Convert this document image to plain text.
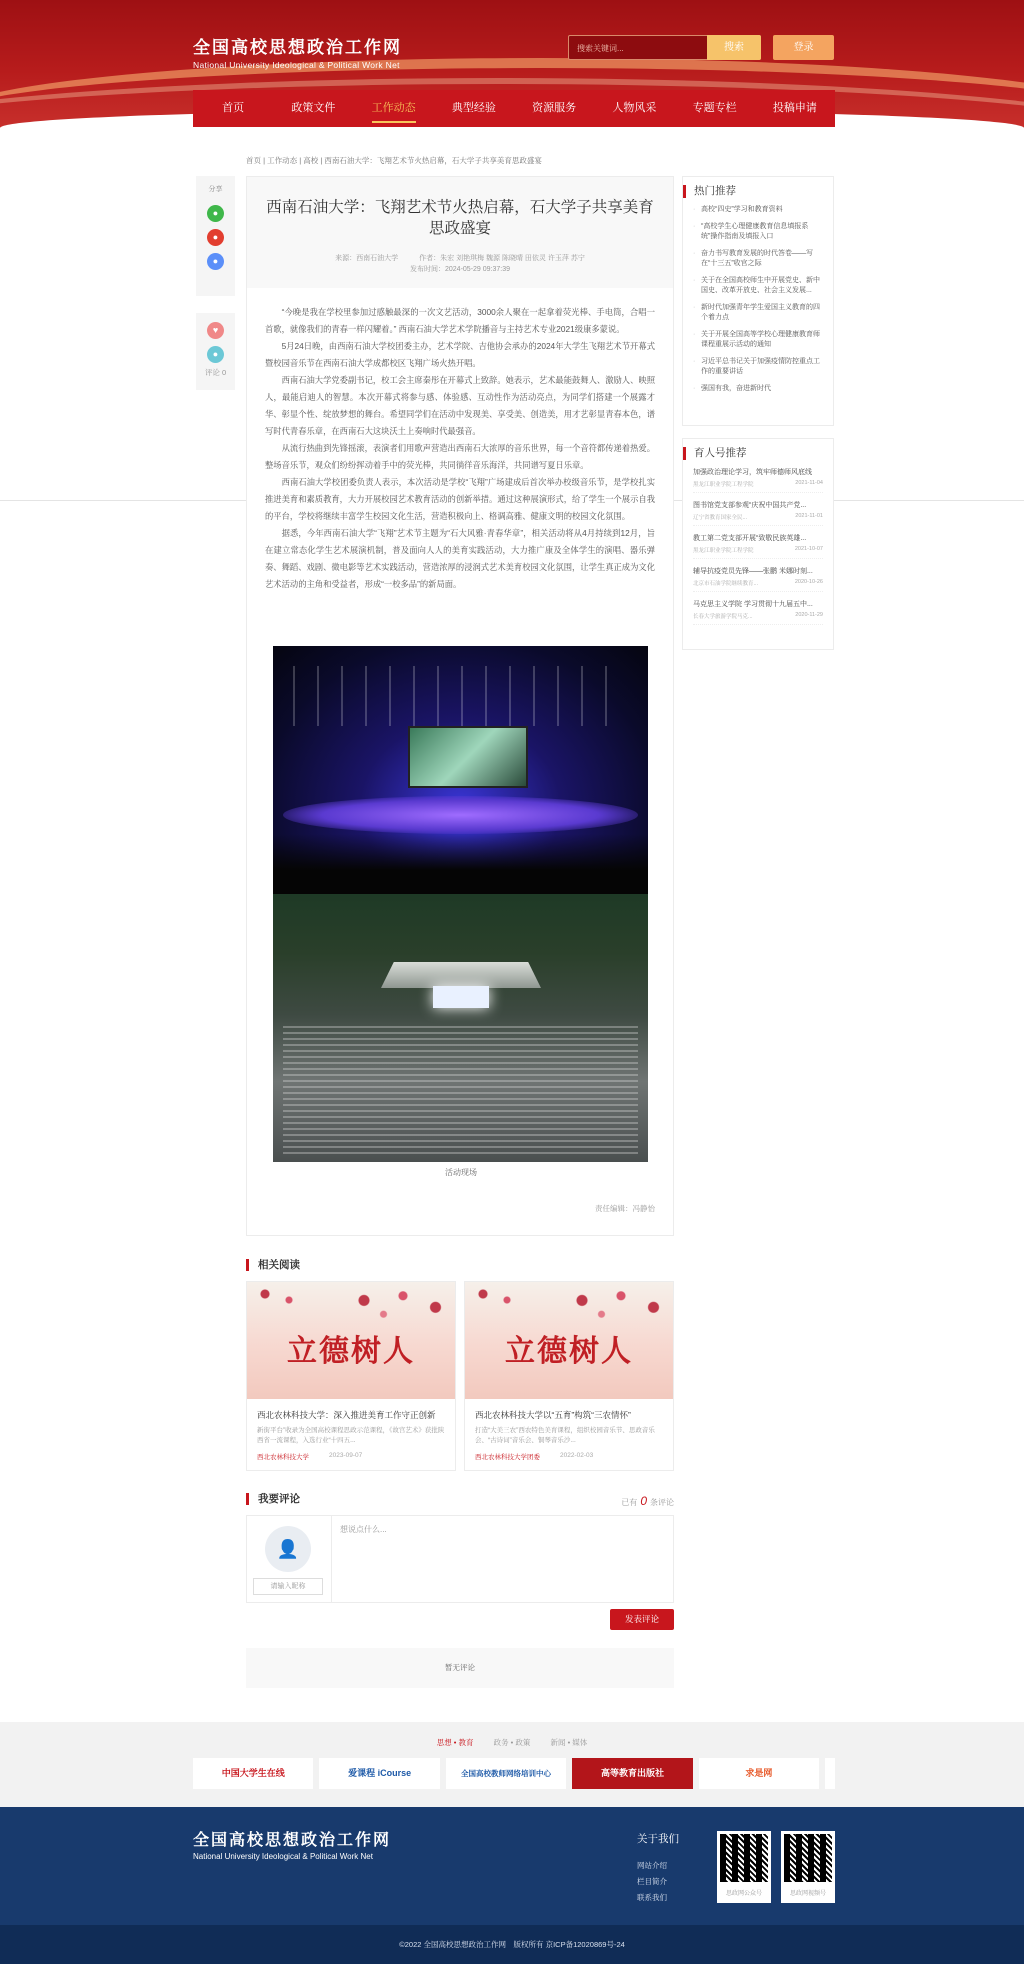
全国高校思想政治工作网
National University Ideological & Political Work Net
搜索关键词...	搜索	登录
首页	政策文件	工作动态	典型经验	资源服务	人物风采	专题专栏	投稿申请
首页 | 工作动态 | 高校 | 西南石油大学：飞翔艺术节火热启幕，石大学子共享美育思政盛宴
分享
●
●
●
♥
●
评论 0
西南石油大学：飞翔艺术节火热启幕，石大学子共享美育思政盛宴
来源：西南石油大学　　　作者：朱宏 刘艳琪梅 魏源 陈晓晴 田依灵 许玉萍 苏宁
发布时间：2024-05-29 09:37:39

“今晚是我在学校里参加过感触最深的一次文艺活动，3000余人聚在一起拿着荧光棒、手电筒，合唱一首歌，就像我们的青春一样闪耀着。” 西南石油大学艺术学院播音与主持艺术专业2021级康多蒙说。

5月24日晚，由西南石油大学校团委主办，艺术学院、吉他协会承办的2024年大学生飞翔艺术节开幕式暨校园音乐节在西南石油大学成都校区飞翔广场火热开唱。

西南石油大学党委副书记，校工会主席秦彤在开幕式上致辞。她表示，艺术最能鼓舞人、激励人、映照人，最能启迪人的智慧。本次开幕式将参与感、体验感、互动性作为活动亮点，为同学们搭建一个展露才华、彰显个性、绽放梦想的舞台。希望同学们在活动中发现美、享受美、创造美，用才艺彰显青春本色，谱写时代青春乐章，在西南石大这块沃土上奏响时代最强音。

从流行热曲到先锋摇滚，表演者们用歌声营造出西南石大浓厚的音乐世界，每一个音符都传递着热爱。整场音乐节，观众们纷纷挥动着手中的荧光棒，共同徜徉音乐海洋，共同谱写夏日乐章。

西南石油大学校团委负责人表示，本次活动是学校“飞翔”广场建成后首次举办校级音乐节，是学校扎实推进美育和素质教育，大力开展校园艺术教育活动的创新举措。通过这种展演形式，给了学生一个展示自我的平台，学校将继续丰富学生校园文化生活，营造积极向上、格调高雅、健康文明的校园文化氛围。

据悉，今年西南石油大学“飞翔”艺术节主题为“石大风雅·青春华章”，相关活动将从4月持续到12月，旨在建立常态化学生艺术展演机制，普及面向人人的美育实践活动，大力推广康及全体学生的演唱、器乐弹奏、舞蹈、戏剧、微电影等艺术实践活动，营造浓厚的浸润式艺术美育校园文化氛围，让学生真正成为文化艺术活动的主角和受益者，形成“一校多品”的新局面。

活动现场
责任编辑：冯静怡
热门推荐
· 高校“四史”学习和教育资料
· “高校学生心理健康教育信息填报系统”操作指南及填报入口
· 奋力书写教育发展的时代答卷——写在“十三五”收官之际
· 关于在全国高校师生中开展党史、新中国史、改革开放史、社会主义发展...
· 新时代加强青年学生爱国主义教育的四个着力点
· 关于开展全国高等学校心理健康教育师课程重展示活动的通知
· 习近平总书记关于加强疫情防控重点工作的重要讲话
· 强国有我，奋进新时代
育人号推荐
加强政治理论学习，筑牢师德师风底线
黑龙江职业学院工程学院	2021-11-04
图书馆党支部参观“庆祝中国共产党...
辽宁省教育国家全民...	2021-11-01
教工第二党支部开展“致敬民族英雄...
黑龙江职业学院工程学院	2021-10-07
辅导抗疫党员先锋——张鹏 米娜时刻...
北京市石油学院继续教育...	2020-10-26
马克思主义学院 学习贯彻十九届五中...
长春大学旅游学院马克...	2020-11-29
相关阅读
立德树人
西北农林科技大学：深入推进美育工作守正创新
新街平台”收录为全国高校课程思政示范课程，《故宫艺术》获批陕西省一流课程，入选行业“十四五...
西北农林科技大学	2023-09-07
立德树人
西北农林科技大学以“五育”构筑“三农情怀”
打造“大美三农”西农特色美育课程，组织校园音乐节、思政音乐会、“古诗词”音乐会、铜琴音乐沙...
西北农林科技大学团委	2022-02-03
我要评论	已有 0 条评论
👤
请输入昵称
想说点什么...
发表评论
暂无评论
思想 • 教育	政务 • 政策	新闻 • 媒体
中国大学生在线	爱课程 iCourse	全国高校教师网络培训中心	高等教育出版社	求是网
全国高校思想政治工作网
National University Ideological & Political Work Net
关于我们
网站介绍
栏目简介
联系我们	思政网公众号	思政网视频号
©2022 全国高校思想政治工作网　版权所有 京ICP备12020869号-24
